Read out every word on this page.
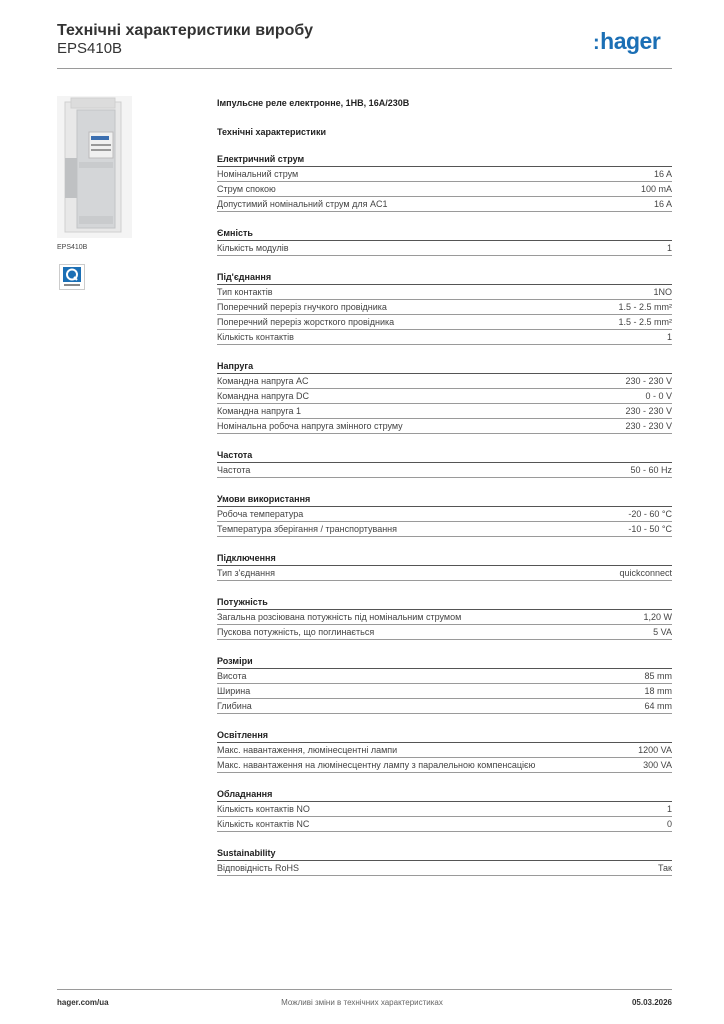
Технічні характеристики виробу
EPS410B	:hager
EPS410B
Імпульсне реле електронне, 1НВ, 16A/230B
Технічні характеристики
Електричний струм
Номінальний струм	16 A
Струм спокою	100 mA
Допустимий номінальний струм для AC1	16 A
Ємність
Кількість модулів	1
Під'єднання
Тип контактів	1NO
Поперечний переріз гнучкого провідника	1.5 - 2.5 mm²
Поперечний переріз жорсткого провідника	1.5 - 2.5 mm²
Кількість контактів	1
Напруга
Командна напруга AC	230 - 230 V
Командна напруга DC	0 - 0 V
Командна напруга 1	230 - 230 V
Номінальна робоча напруга змінного струму	230 - 230 V
Частота
Частота	50 - 60 Hz
Умови використання
Робоча температура	-20 - 60 °C
Температура зберігання / транспортування	-10 - 50 °C
Підключення
Тип з'єднання	quickconnect
Потужність
Загальна розсіювана потужність під номінальним струмом	1,20 W
Пускова потужність, що поглинається	5 VA
Розміри
Висота	85 mm
Ширина	18 mm
Глибина	64 mm
Освітлення
Макс. навантаження, люмінесцентні лампи	1200 VA
Макс. навантаження на люмінесцентну лампу з паралельною компенсацією	300 VA
Обладнання
Кількість контактів NO	1
Кількість контактів NC	0
Sustainability
Відповідність RoHS	Так
hager.com/ua	Можливі зміни в технічних характеристиках	05.03.2026
